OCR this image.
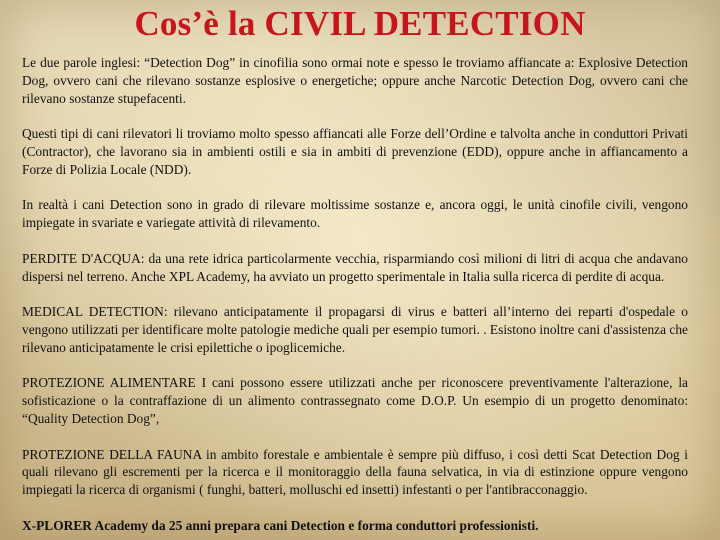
Cos’è la CIVIL DETECTION

Le due parole inglesi: “Detection Dog” in cinofilia sono ormai note e spesso le troviamo affiancate a: Explosive Detection Dog, ovvero cani che rilevano sostanze esplosive o energetiche; oppure anche Narcotic Detection Dog, ovvero cani che rilevano sostanze stupefacenti.

Questi tipi di cani rilevatori li troviamo molto spesso affiancati alle Forze dell’Ordine e talvolta anche in conduttori Privati (Contractor), che lavorano sia in ambienti ostili e sia in ambiti di prevenzione (EDD), oppure anche in affiancamento a Forze di Polizia Locale (NDD).

In realtà i cani Detection sono in grado di rilevare moltissime sostanze e, ancora oggi, le unità cinofile civili, vengono impiegate in svariate e variegate attività di rilevamento.

PERDITE D'ACQUA: da una rete idrica particolarmente vecchia, risparmiando così milioni di litri di acqua che andavano dispersi nel terreno. Anche XPL Academy, ha avviato un progetto sperimentale in Italia sulla ricerca di perdite di acqua.

MEDICAL DETECTION: rilevano anticipatamente il propagarsi di virus e batteri all’interno dei reparti d'ospedale o vengono utilizzati per identificare molte patologie mediche quali per esempio tumori. . Esistono inoltre cani d'assistenza che rilevano anticipatamente le crisi epilettiche o ipoglicemiche.

PROTEZIONE ALIMENTARE I cani possono essere utilizzati anche per riconoscere preventivamente l'alterazione, la sofisticazione o la contraffazione di un alimento contrassegnato come D.O.P. Un esempio di un progetto denominato: “Quality Detection Dog”,

PROTEZIONE DELLA FAUNA in ambito forestale e ambientale è sempre più diffuso, i così detti Scat Detection Dog i quali rilevano gli escrementi per la ricerca e il monitoraggio della fauna selvatica, in via di estinzione oppure vengono impiegati la ricerca di organismi ( funghi, batteri, molluschi ed insetti) infestanti o per l'antibracconaggio.

X-PLORER Academy da 25 anni prepara cani Detection e forma conduttori professionisti.
